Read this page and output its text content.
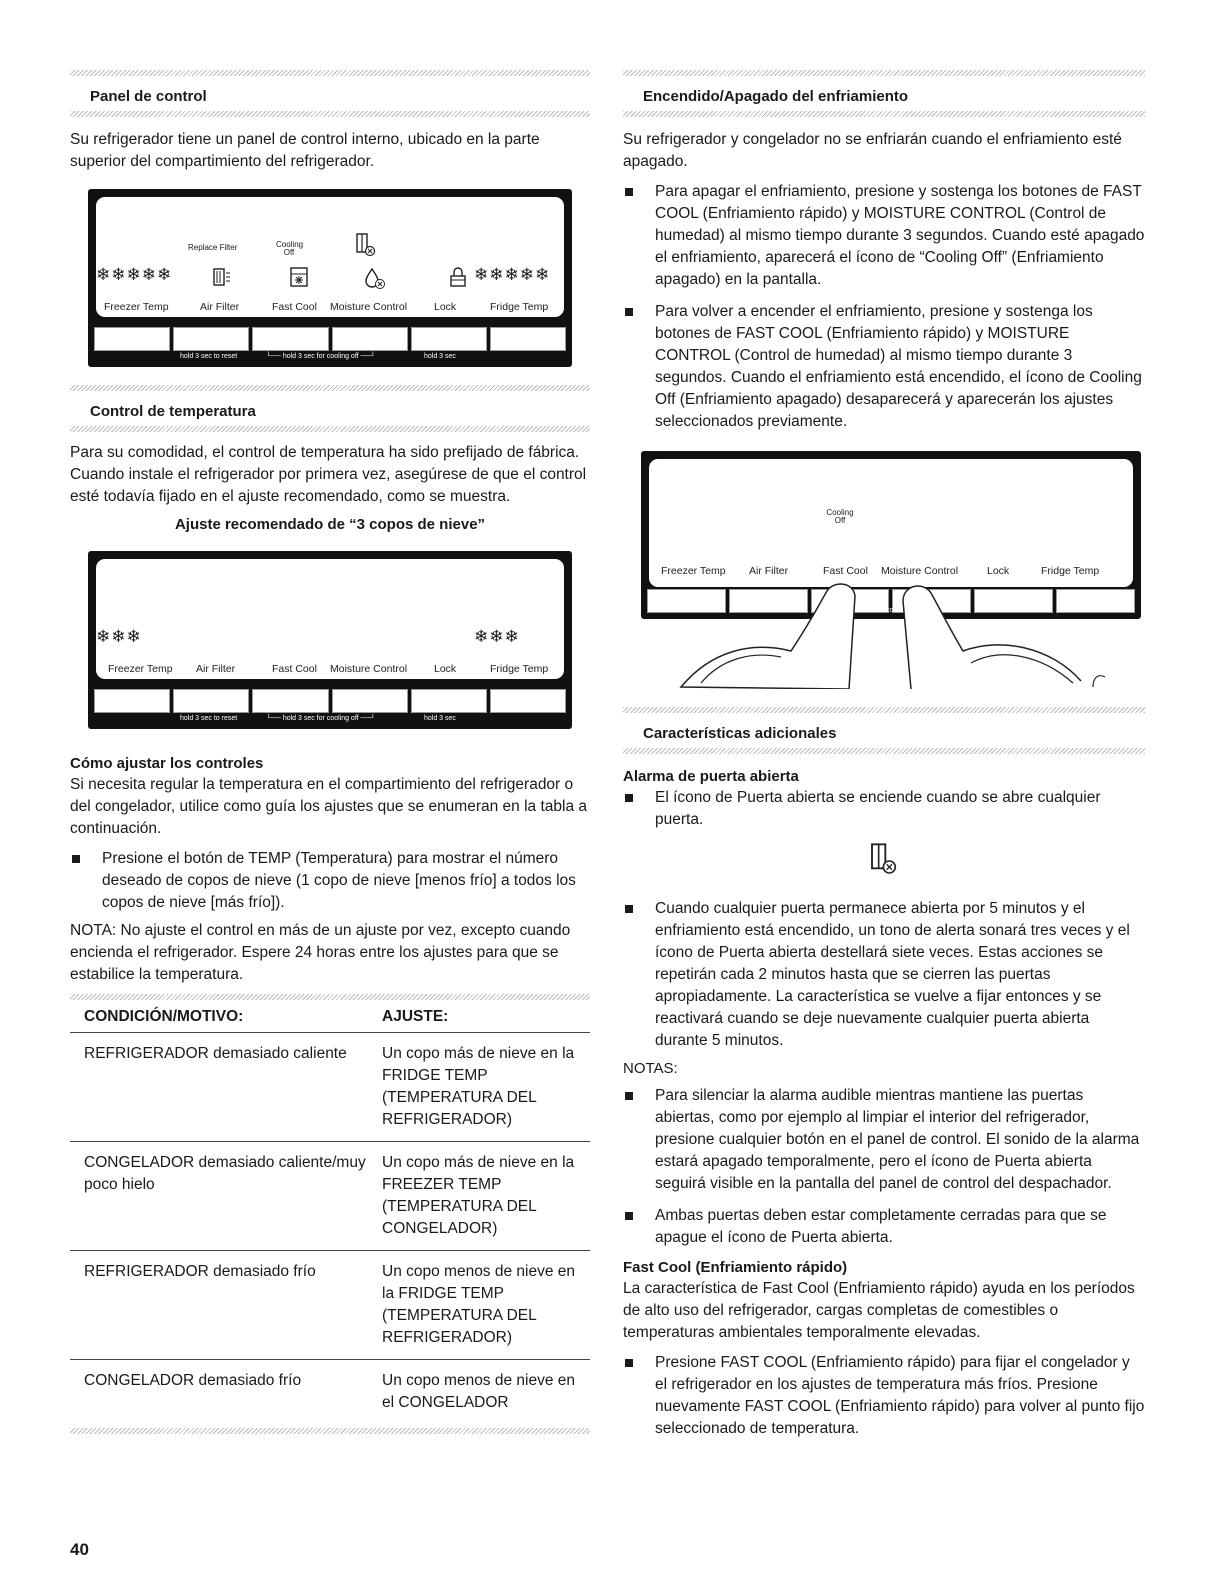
Panel de control

Su refrigerador tiene un panel de control interno, ubicado en la parte superior del compartimiento del refrigerador.

Replace Filter	Cooling Off
❄❄❄❄❄	❄❄❄❄❄
Freezer Temp	Air Filter	Fast Cool Moisture Control	Lock	Fridge Temp
hold 3 sec to reset	└── hold 3 sec for cooling off ──┘	hold 3 sec
Control de temperatura

Para su comodidad, el control de temperatura ha sido prefijado de fábrica. Cuando instale el refrigerador por primera vez, asegúrese de que el control esté todavía fijado en el ajuste recomendado, como se muestra.

Ajuste recomendado de “3 copos de nieve”

❄❄❄	❄❄❄
Freezer Temp Air Filter	Fast Cool Moisture Control	Lock	Fridge Temp
hold 3 sec to reset	└── hold 3 sec for cooling off ──┘	hold 3 sec

Cómo ajustar los controles

Si necesita regular la temperatura en el compartimiento del refrigerador o del congelador, utilice como guía los ajustes que se enumeran en la tabla a continuación.

Presione el botón de TEMP (Temperatura) para mostrar el número deseado de copos de nieve (1 copo de nieve [menos frío] a todos los copos de nieve [más frío]).

NOTA: No ajuste el control en más de un ajuste por vez, excepto cuando encienda el refrigerador. Espere 24 horas entre los ajustes para que se estabilice la temperatura.

CONDICIÓN/MOTIVO:	AJUSTE:
REFRIGERADOR demasiado caliente	Un copo más de nieve en la FRIDGE TEMP (TEMPERATURA DEL REFRIGERADOR)
CONGELADOR demasiado caliente/muy poco hielo	Un copo más de nieve en la FREEZER TEMP (TEMPERATURA DEL CONGELADOR)
REFRIGERADOR demasiado frío	Un copo menos de nieve en la FRIDGE TEMP (TEMPERATURA DEL REFRIGERADOR)
CONGELADOR demasiado frío	Un copo menos de nieve en el CONGELADOR
Encendido/Apagado del enfriamiento

Su refrigerador y congelador no se enfriarán cuando el enfriamiento esté apagado.

Para apagar el enfriamiento, presione y sostenga los botones de FAST COOL (Enfriamiento rápido) y MOISTURE CONTROL (Control de humedad) al mismo tiempo durante 3 segundos. Cuando esté apagado el enfriamiento, aparecerá el ícono de “Cooling Off” (Enfriamiento apagado) en la pantalla.
Para volver a encender el enfriamiento, presione y sostenga los botones de FAST COOL (Enfriamiento rápido) y MOISTURE CONTROL (Control de humedad) al mismo tiempo durante 3 segundos. Cuando el enfriamiento está encendido, el ícono de Cooling Off (Enfriamiento apagado) desaparecerá y aparecerán los ajustes seleccionados previamente.
Cooling Off
Freezer Temp Air Filter	Fast Cool Moisture Control	Lock	Fridge Temp
hold 3 sec to reset	sec for cooli	hold 3 sec
Características adicionales

Alarma de puerta abierta

El ícono de Puerta abierta se enciende cuando se abre cualquier puerta.
Cuando cualquier puerta permanece abierta por 5 minutos y el enfriamiento está encendido, un tono de alerta sonará tres veces y el ícono de Puerta abierta destellará siete veces. Estas acciones se repetirán cada 2 minutos hasta que se cierren las puertas apropiadamente. La característica se vuelve a fijar entonces y se reactivará cuando se deje nuevamente cualquier puerta abierta durante 5 minutos.

NOTAS:

Para silenciar la alarma audible mientras mantiene las puertas abiertas, como por ejemplo al limpiar el interior del refrigerador, presione cualquier botón en el panel de control. El sonido de la alarma estará apagado temporalmente, pero el ícono de Puerta abierta seguirá visible en la pantalla del panel de control del despachador.
Ambas puertas deben estar completamente cerradas para que se apague el ícono de Puerta abierta.

Fast Cool (Enfriamiento rápido)

La característica de Fast Cool (Enfriamiento rápido) ayuda en los períodos de alto uso del refrigerador, cargas completas de comestibles o temperaturas ambientales temporalmente elevadas.

Presione FAST COOL (Enfriamiento rápido) para fijar el congelador y el refrigerador en los ajustes de temperatura más fríos. Presione nuevamente FAST COOL (Enfriamiento rápido) para volver al punto fijo seleccionado de temperatura.
40
